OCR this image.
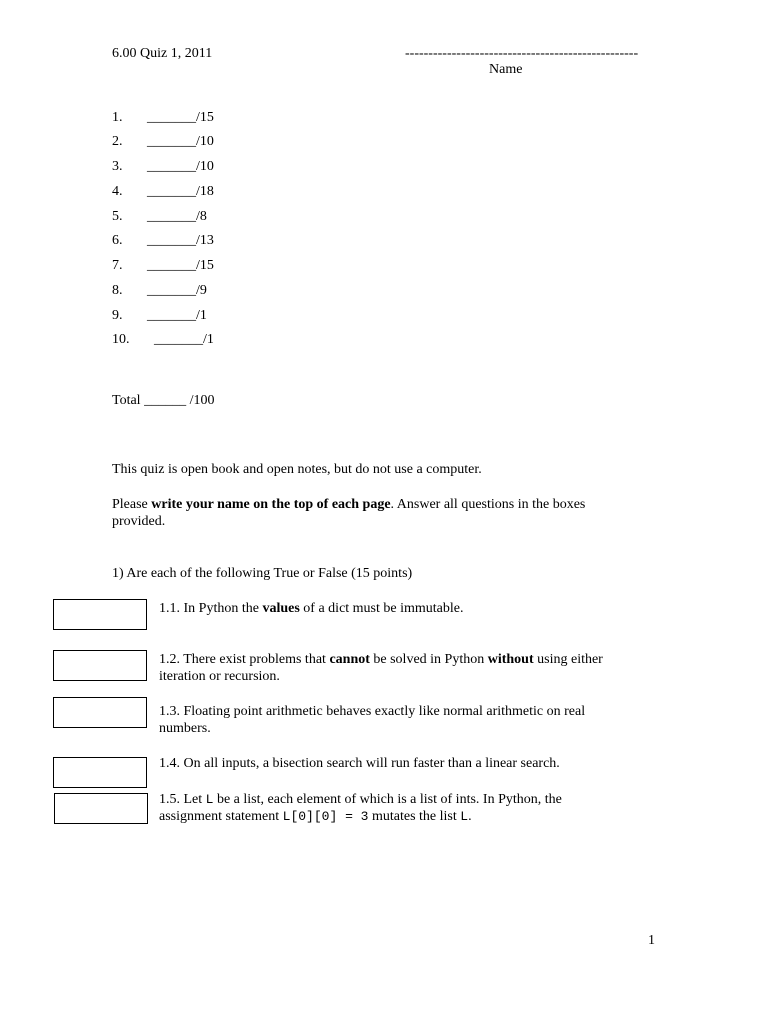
6.00 Quiz 1, 2011	--------------------------------------------------
Name
1. _______/15
2. _______/10
3. _______/10
4. _______/18
5. _______/8
6. _______/13
7. _______/15
8. _______/9
9. _______/1
10. _______/1
Total ______ /100
This quiz is open book and open notes, but do not use a computer.
Please write your name on the top of each page. Answer all questions in the boxes
provided.
1) Are each of the following True or False (15 points)
1.1. In Python the values of a dict must be immutable.
1.2. There exist problems that cannot be solved in Python without using either
iteration or recursion.
1.3. Floating point arithmetic behaves exactly like normal arithmetic on real
numbers.
1.4. On all inputs, a bisection search will run faster than a linear search.
1.5. Let L be a list, each element of which is a list of ints. In Python, the
assignment statement L[0][0] = 3 mutates the list L.
1
